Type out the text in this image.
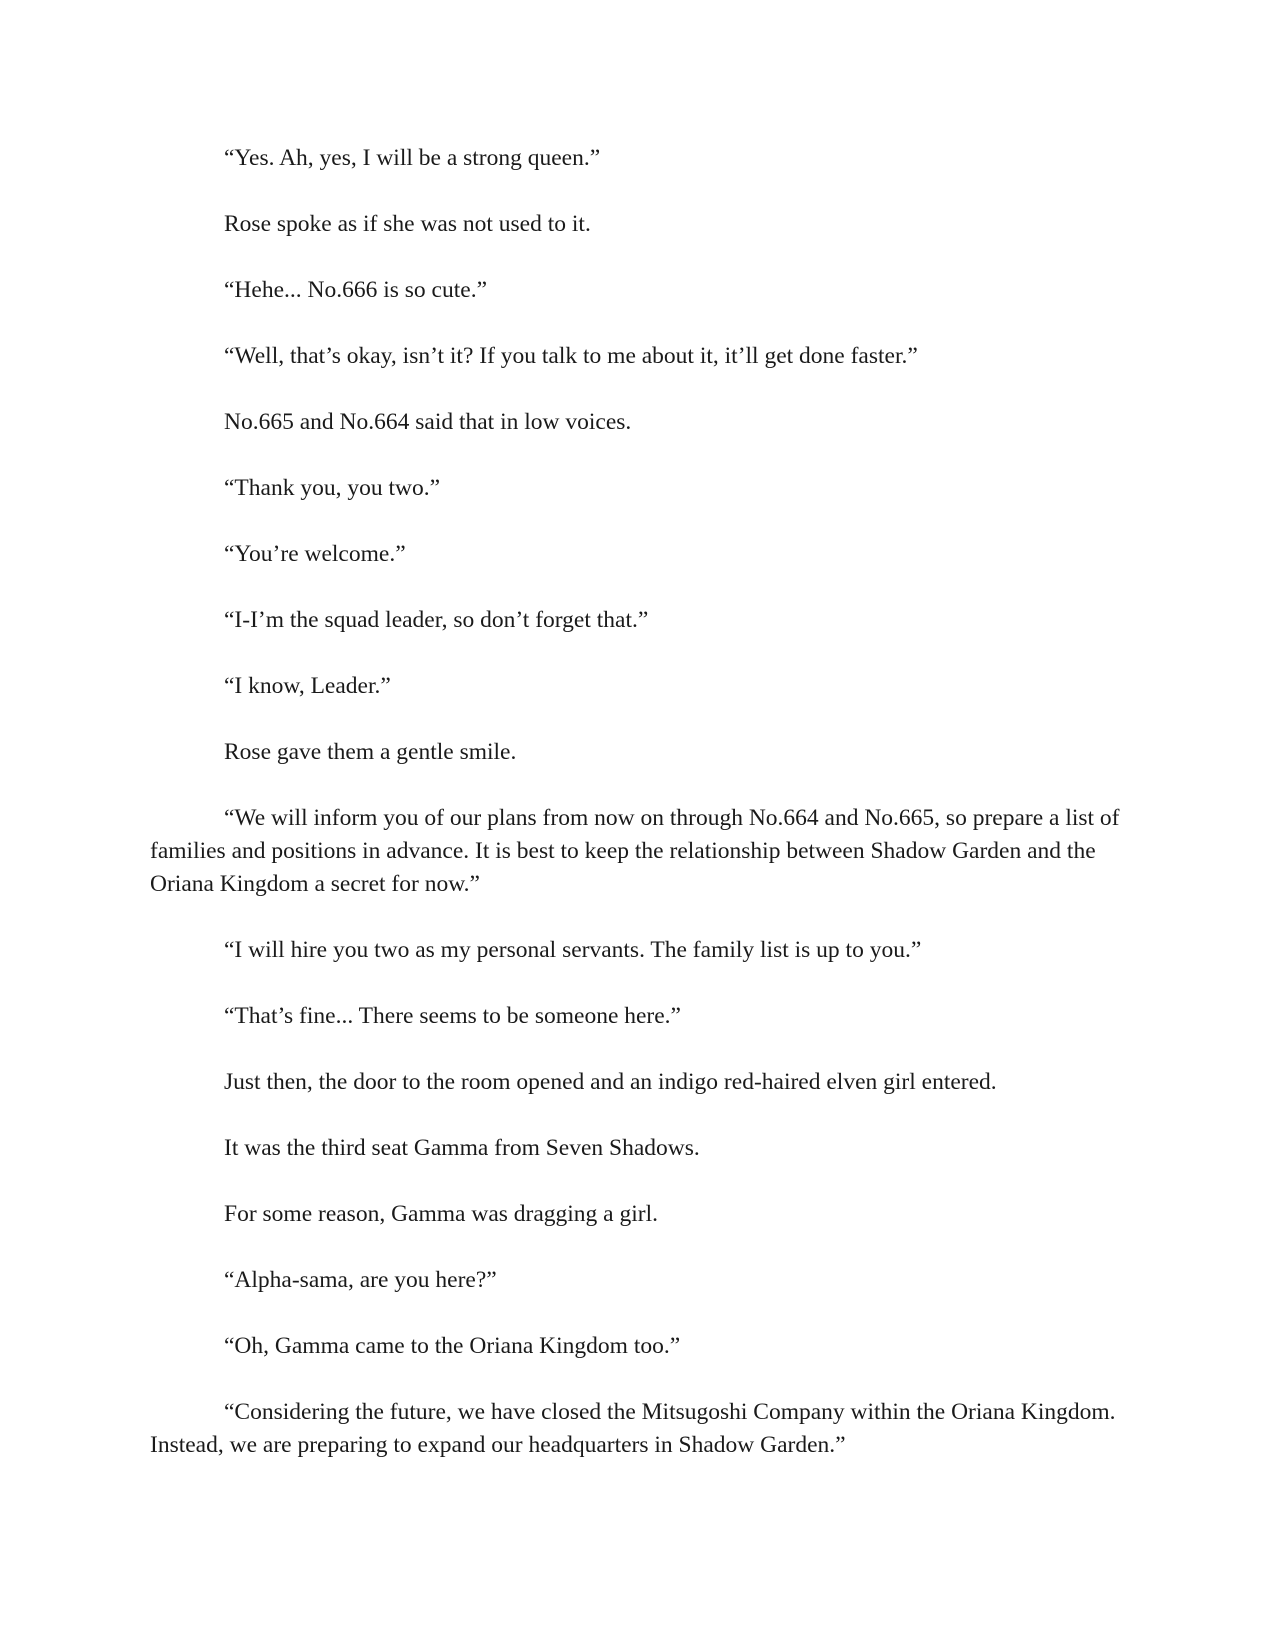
“Yes. Ah, yes, I will be a strong queen.”

Rose spoke as if she was not used to it.

“Hehe... No.666 is so cute.”

“Well, that’s okay, isn’t it? If you talk to me about it, it’ll get done faster.”

No.665 and No.664 said that in low voices.

“Thank you, you two.”

“You’re welcome.”

“I-I’m the squad leader, so don’t forget that.”

“I know, Leader.”

Rose gave them a gentle smile.

“We will inform you of our plans from now on through No.664 and No.665, so prepare a list of families and positions in advance. It is best to keep the relationship between Shadow Garden and the Oriana Kingdom a secret for now.”

“I will hire you two as my personal servants. The family list is up to you.”

“That’s fine... There seems to be someone here.”

Just then, the door to the room opened and an indigo red-haired elven girl entered.

It was the third seat Gamma from Seven Shadows.

For some reason, Gamma was dragging a girl.

“Alpha-sama, are you here?”

“Oh, Gamma came to the Oriana Kingdom too.”

“Considering the future, we have closed the Mitsugoshi Company within the Oriana Kingdom. Instead, we are preparing to expand our headquarters in Shadow Garden.”
